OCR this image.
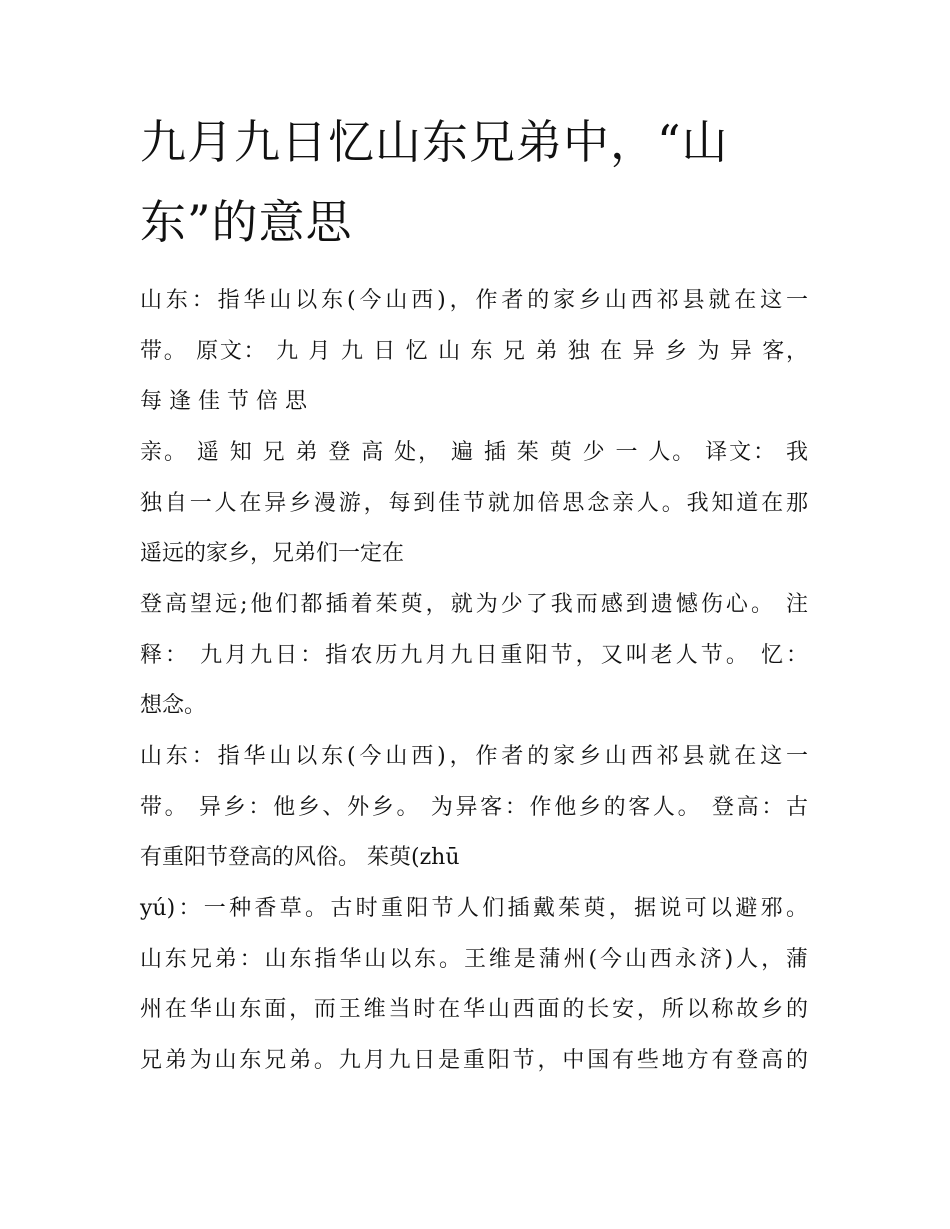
九月九日忆山东兄弟中，“山
东”的意思
山东：指华山以东(今山西)，作者的家乡山西祁县就在这一
带。 原文： 九 月 九 日 忆 山 东 兄 弟 独 在 异 乡 为 异 客，
每 逢 佳 节 倍 思
亲。 遥 知 兄 弟 登 高 处， 遍 插 茱 萸 少 一 人。 译文： 我
独自一人在异乡漫游，每到佳节就加倍思念亲人。我知道在那
遥远的家乡，兄弟们一定在
登高望远;他们都插着茱萸，就为少了我而感到遗憾伤心。 注
释： 九月九日：指农历九月九日重阳节，又叫老人节。 忆：
想念。
山东：指华山以东(今山西)，作者的家乡山西祁县就在这一
带。 异乡：他乡、外乡。 为异客：作他乡的客人。 登高：古
有重阳节登高的风俗。 茱萸(zhū
yú)：一种香草。古时重阳节人们插戴茱萸，据说可以避邪。
山东兄弟：山东指华山以东。王维是蒲州(今山西永济)人，蒲
州在华山东面，而王维当时在华山西面的长安，所以称故乡的
兄弟为山东兄弟。九月九日是重阳节，中国有些地方有登高的
